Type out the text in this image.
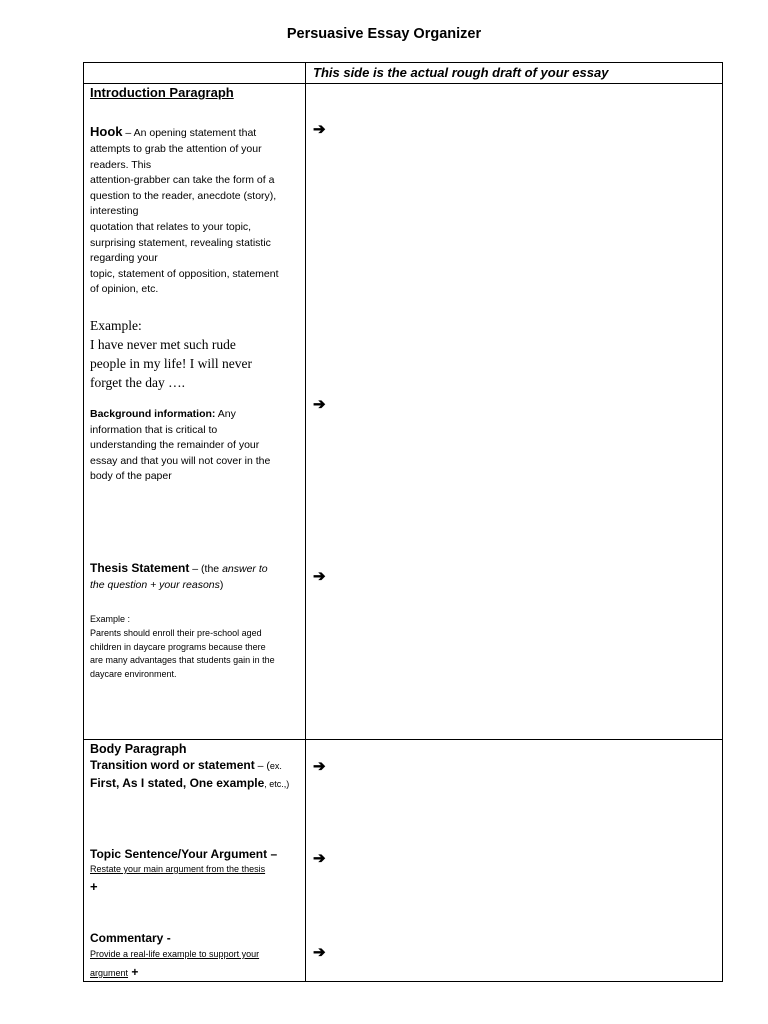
Persuasive Essay Organizer
This side is the actual rough draft of your essay
Introduction Paragraph
Hook – An opening statement that
attempts to grab the attention of your
readers. This
attention-grabber can take the form of a
question to the reader, anecdote (story),
interesting
quotation that relates to your topic,
surprising statement, revealing statistic
regarding your
topic, statement of opposition, statement
of opinion, etc.
Example:
I have never met such rude
people in my life! I will never
forget the day ….
Background information: Any
information that is critical to
understanding the remainder of your
essay and that you will not cover in the
body of the paper
Thesis Statement – (the answer to
the question + your reasons)
Example :
Parents should enroll their pre-school aged
children in daycare programs because there
are many advantages that students gain in the
daycare environment.
Body Paragraph
Transition word or statement – (ex.
First, As I stated, One example, etc.,)
Topic Sentence/Your Argument –
Restate your main argument from the thesis
+
Commentary -
Provide a real-life example to support your
argument +
➔
➔
➔
➔
➔
➔
